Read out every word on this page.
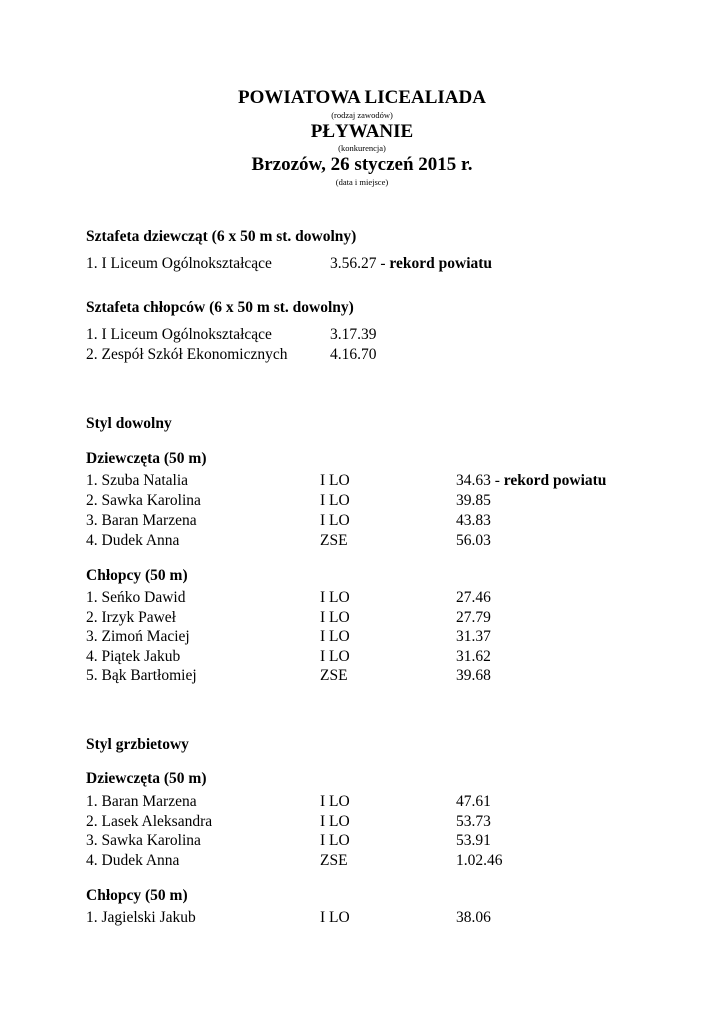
POWIATOWA LICEALIADA
(rodzaj zawodów)
PŁYWANIE
(konkurencja)
Brzozów, 26 styczeń 2015 r.
(data i miejsce)
Sztafeta dziewcząt (6 x 50 m st. dowolny)
1. I Liceum Ogólnokształcące	3.56.27 - rekord powiatu
Sztafeta chłopców (6 x 50 m st. dowolny)
1. I Liceum Ogólnokształcące	3.17.39
2. Zespół Szkół Ekonomicznych	4.16.70
Styl dowolny
Dziewczęta (50 m)
1. Szuba Natalia	I LO	34.63 - rekord powiatu
2. Sawka Karolina	I LO	39.85
3. Baran Marzena	I LO	43.83
4. Dudek Anna	ZSE	56.03
Chłopcy (50 m)
1. Seńko Dawid	I LO	27.46
2. Irzyk Paweł	I LO	27.79
3. Zimoń Maciej	I LO	31.37
4. Piątek Jakub	I LO	31.62
5. Bąk Bartłomiej	ZSE	39.68
Styl grzbietowy
Dziewczęta (50 m)
1. Baran Marzena	I LO	47.61
2. Lasek Aleksandra	I LO	53.73
3. Sawka Karolina	I LO	53.91
4. Dudek Anna	ZSE	1.02.46
Chłopcy (50 m)
1. Jagielski Jakub	I LO	38.06
